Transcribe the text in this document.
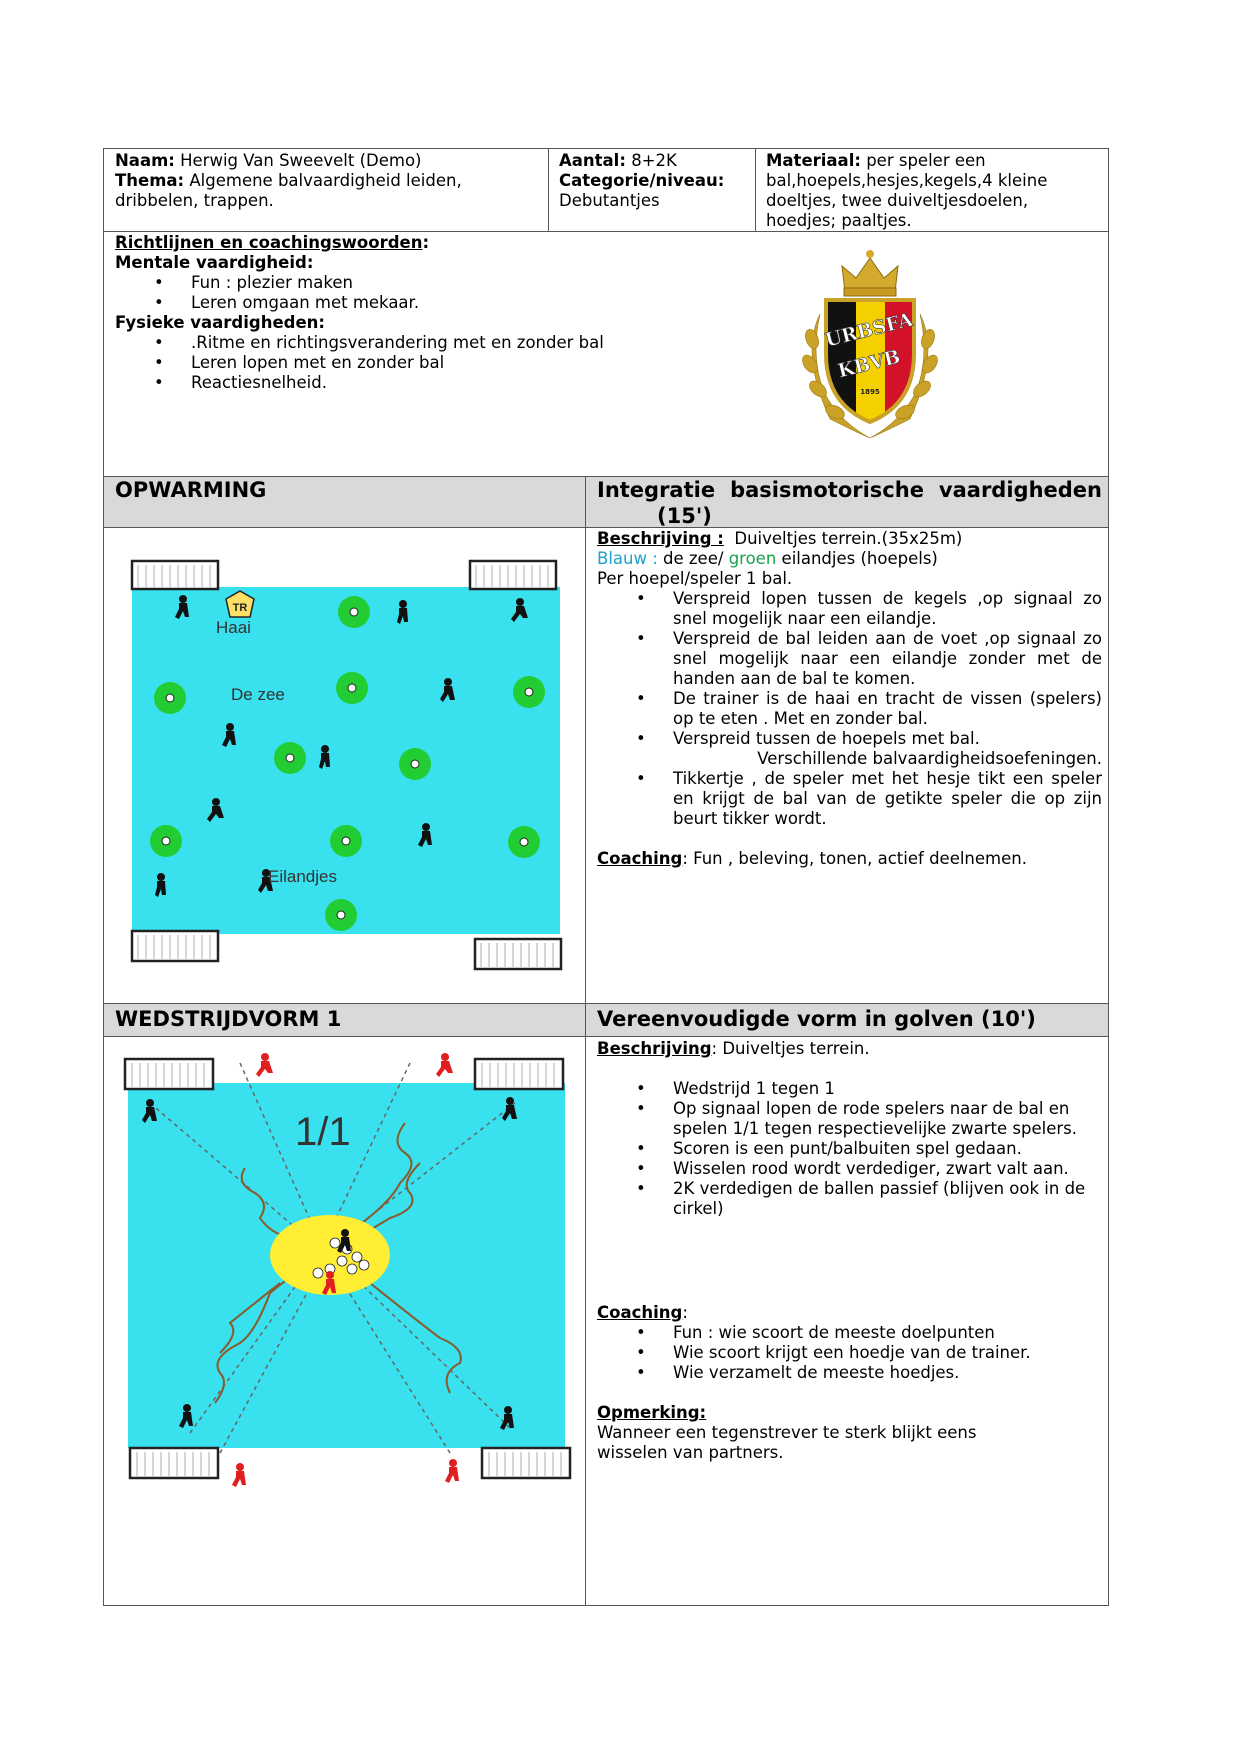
Naam: Herwig Van Sweevelt (Demo)
Thema: Algemene balvaardigheid leiden,
dribbelen, trappen.
Aantal: 8+2K
Categorie/niveau:
Debutantjes
Materiaal: per speler een
bal,hoepels,hesjes,kegels,4 kleine
doeltjes, twee duiveltjesdoelen,
hoedjes; paaltjes.
Richtlijnen en coachingswoorden:
Mentale vaardigheid:
• Fun : plezier maken
• Leren omgaan met mekaar.
Fysieke vaardigheden:
• .Ritme en richtingsverandering met en zonder bal
• Leren lopen met en zonder bal
• Reactiesnelheid.
URBSFA
KBVB
1895
OPWARMING	Integratie basismotorische vaardigheden
(15')
TR
Haai
De zee
Eilandjes
Beschrijving : Duiveltjes terrein.(35x25m)
Blauw : de zee/ groen eilandjes (hoepels)
Per hoepel/speler 1 bal.
• Verspreid lopen tussen de kegels ,op signaal zo
snel mogelijk naar een eilandje.
• Verspreid de bal leiden aan de voet ,op signaal zo
snel mogelijk naar een eilandje zonder met de
handen aan de bal te komen.
• De trainer is de haai en tracht de vissen (spelers)
op te eten . Met en zonder bal.
• Verspreid tussen de hoepels met bal.
Verschillende balvaardigheidsoefeningen.
• Tikkertje , de speler met het hesje tikt een speler
en krijgt de bal van de getikte speler die op zijn
beurt tikker wordt.
Coaching: Fun , beleving, tonen, actief deelnemen.
WEDSTRIJDVORM 1	Vereenvoudigde vorm in golven (10')
1/1
Beschrijving: Duiveltjes terrein.
• Wedstrijd 1 tegen 1
• Op signaal lopen de rode spelers naar de bal en
spelen 1/1 tegen respectievelijke zwarte spelers.
• Scoren is een punt/balbuiten spel gedaan.
• Wisselen rood wordt verdediger, zwart valt aan.
• 2K verdedigen de ballen passief (blijven ook in de
cirkel)
Coaching:
• Fun : wie scoort de meeste doelpunten
• Wie scoort krijgt een hoedje van de trainer.
• Wie verzamelt de meeste hoedjes.
Opmerking:
Wanneer een tegenstrever te sterk blijkt eens
wisselen van partners.
